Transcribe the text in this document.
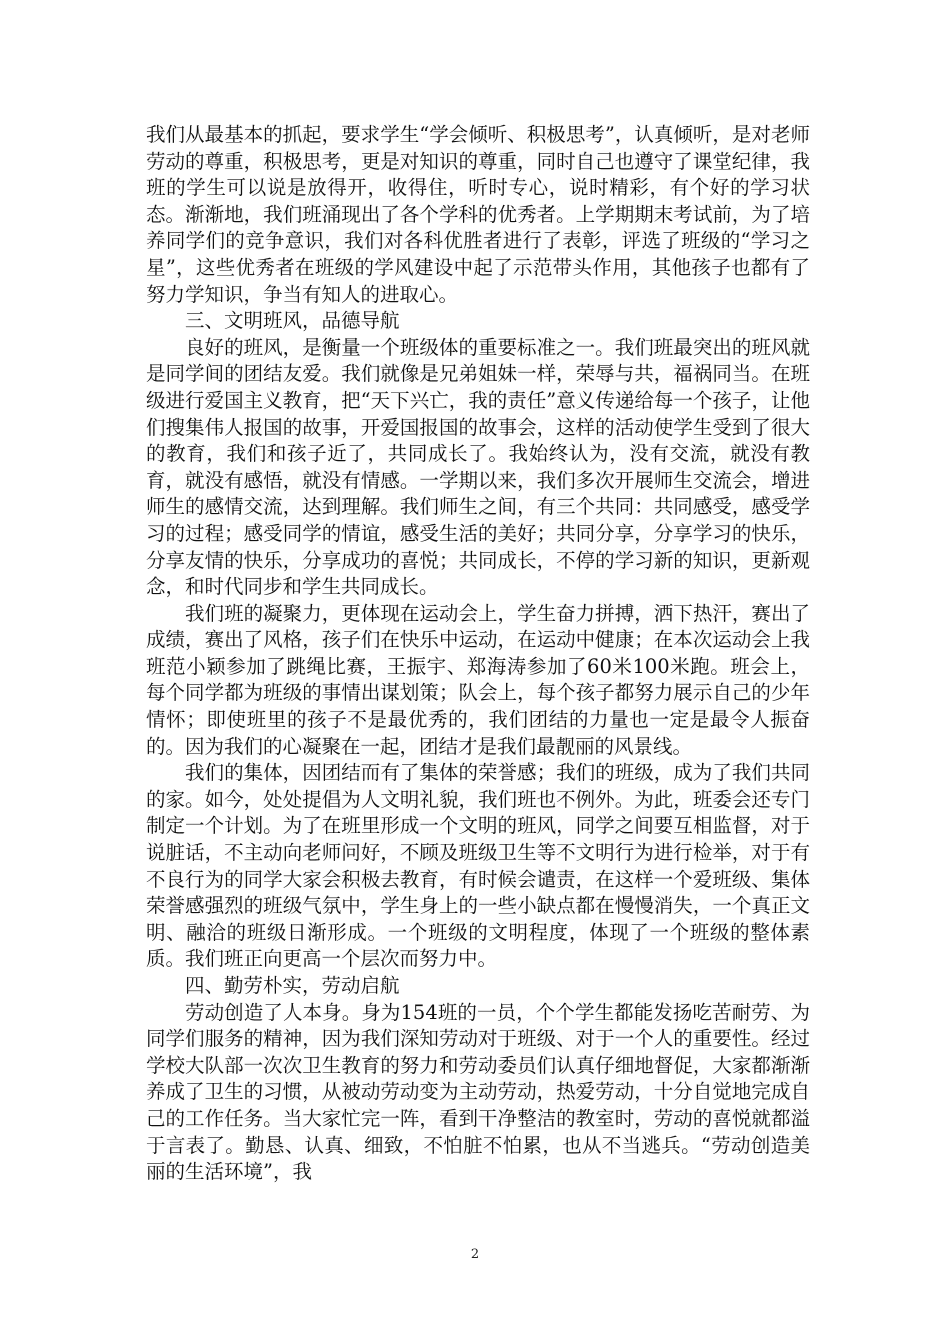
我们从最基本的抓起，要求学生“学会倾听、积极思考”，认真倾听，是对老师劳动的尊重，积极思考，更是对知识的尊重，同时自己也遵守了课堂纪律，我班的学生可以说是放得开，收得住，听时专心，说时精彩，有个好的学习状态。渐渐地，我们班涌现出了各个学科的优秀者。上学期期末考试前，为了培养同学们的竞争意识，我们对各科优胜者进行了表彰，评选了班级的“学习之星”，这些优秀者在班级的学风建设中起了示范带头作用，其他孩子也都有了努力学知识，争当有知人的进取心。

三、文明班风，品德导航

良好的班风，是衡量一个班级体的重要标准之一。我们班最突出的班风就是同学间的团结友爱。我们就像是兄弟姐妹一样，荣辱与共，福祸同当。在班级进行爱国主义教育，把“天下兴亡，我的责任”意义传递给每一个孩子，让他们搜集伟人报国的故事，开爱国报国的故事会，这样的活动使学生受到了很大的教育，我们和孩子近了，共同成长了。我始终认为，没有交流，就没有教育，就没有感悟，就没有情感。一学期以来，我们多次开展师生交流会，增进师生的感情交流，达到理解。我们师生之间，有三个共同：共同感受，感受学习的过程；感受同学的情谊，感受生活的美好；共同分享，分享学习的快乐，分享友情的快乐，分享成功的喜悦；共同成长，不停的学习新的知识，更新观念，和时代同步和学生共同成长。

我们班的凝聚力，更体现在运动会上，学生奋力拼搏，洒下热汗，赛出了成绩，赛出了风格，孩子们在快乐中运动，在运动中健康；在本次运动会上我班范小颖参加了跳绳比赛，王振宇、郑海涛参加了60米100米跑。班会上，每个同学都为班级的事情出谋划策；队会上，每个孩子都努力展示自己的少年情怀；即使班里的孩子不是最优秀的，我们团结的力量也一定是最令人振奋的。因为我们的心凝聚在一起，团结才是我们最靓丽的风景线。

我们的集体，因团结而有了集体的荣誉感；我们的班级，成为了我们共同的家。如今，处处提倡为人文明礼貌，我们班也不例外。为此，班委会还专门制定一个计划。为了在班里形成一个文明的班风，同学之间要互相监督，对于说脏话，不主动向老师问好，不顾及班级卫生等不文明行为进行检举，对于有不良行为的同学大家会积极去教育，有时候会谴责，在这样一个爱班级、集体荣誉感强烈的班级气氛中，学生身上的一些小缺点都在慢慢消失，一个真正文明、融洽的班级日渐形成。一个班级的文明程度，体现了一个班级的整体素质。我们班正向更高一个层次而努力中。

四、勤劳朴实，劳动启航

劳动创造了人本身。身为154班的一员，个个学生都能发扬吃苦耐劳、为同学们服务的精神，因为我们深知劳动对于班级、对于一个人的重要性。经过学校大队部一次次卫生教育的努力和劳动委员们认真仔细地督促，大家都渐渐养成了卫生的习惯，从被动劳动变为主动劳动，热爱劳动，十分自觉地完成自己的工作任务。当大家忙完一阵，看到干净整洁的教室时，劳动的喜悦就都溢于言表了。勤恳、认真、细致，不怕脏不怕累，也从不当逃兵。“劳动创造美丽的生活环境”，我

2
